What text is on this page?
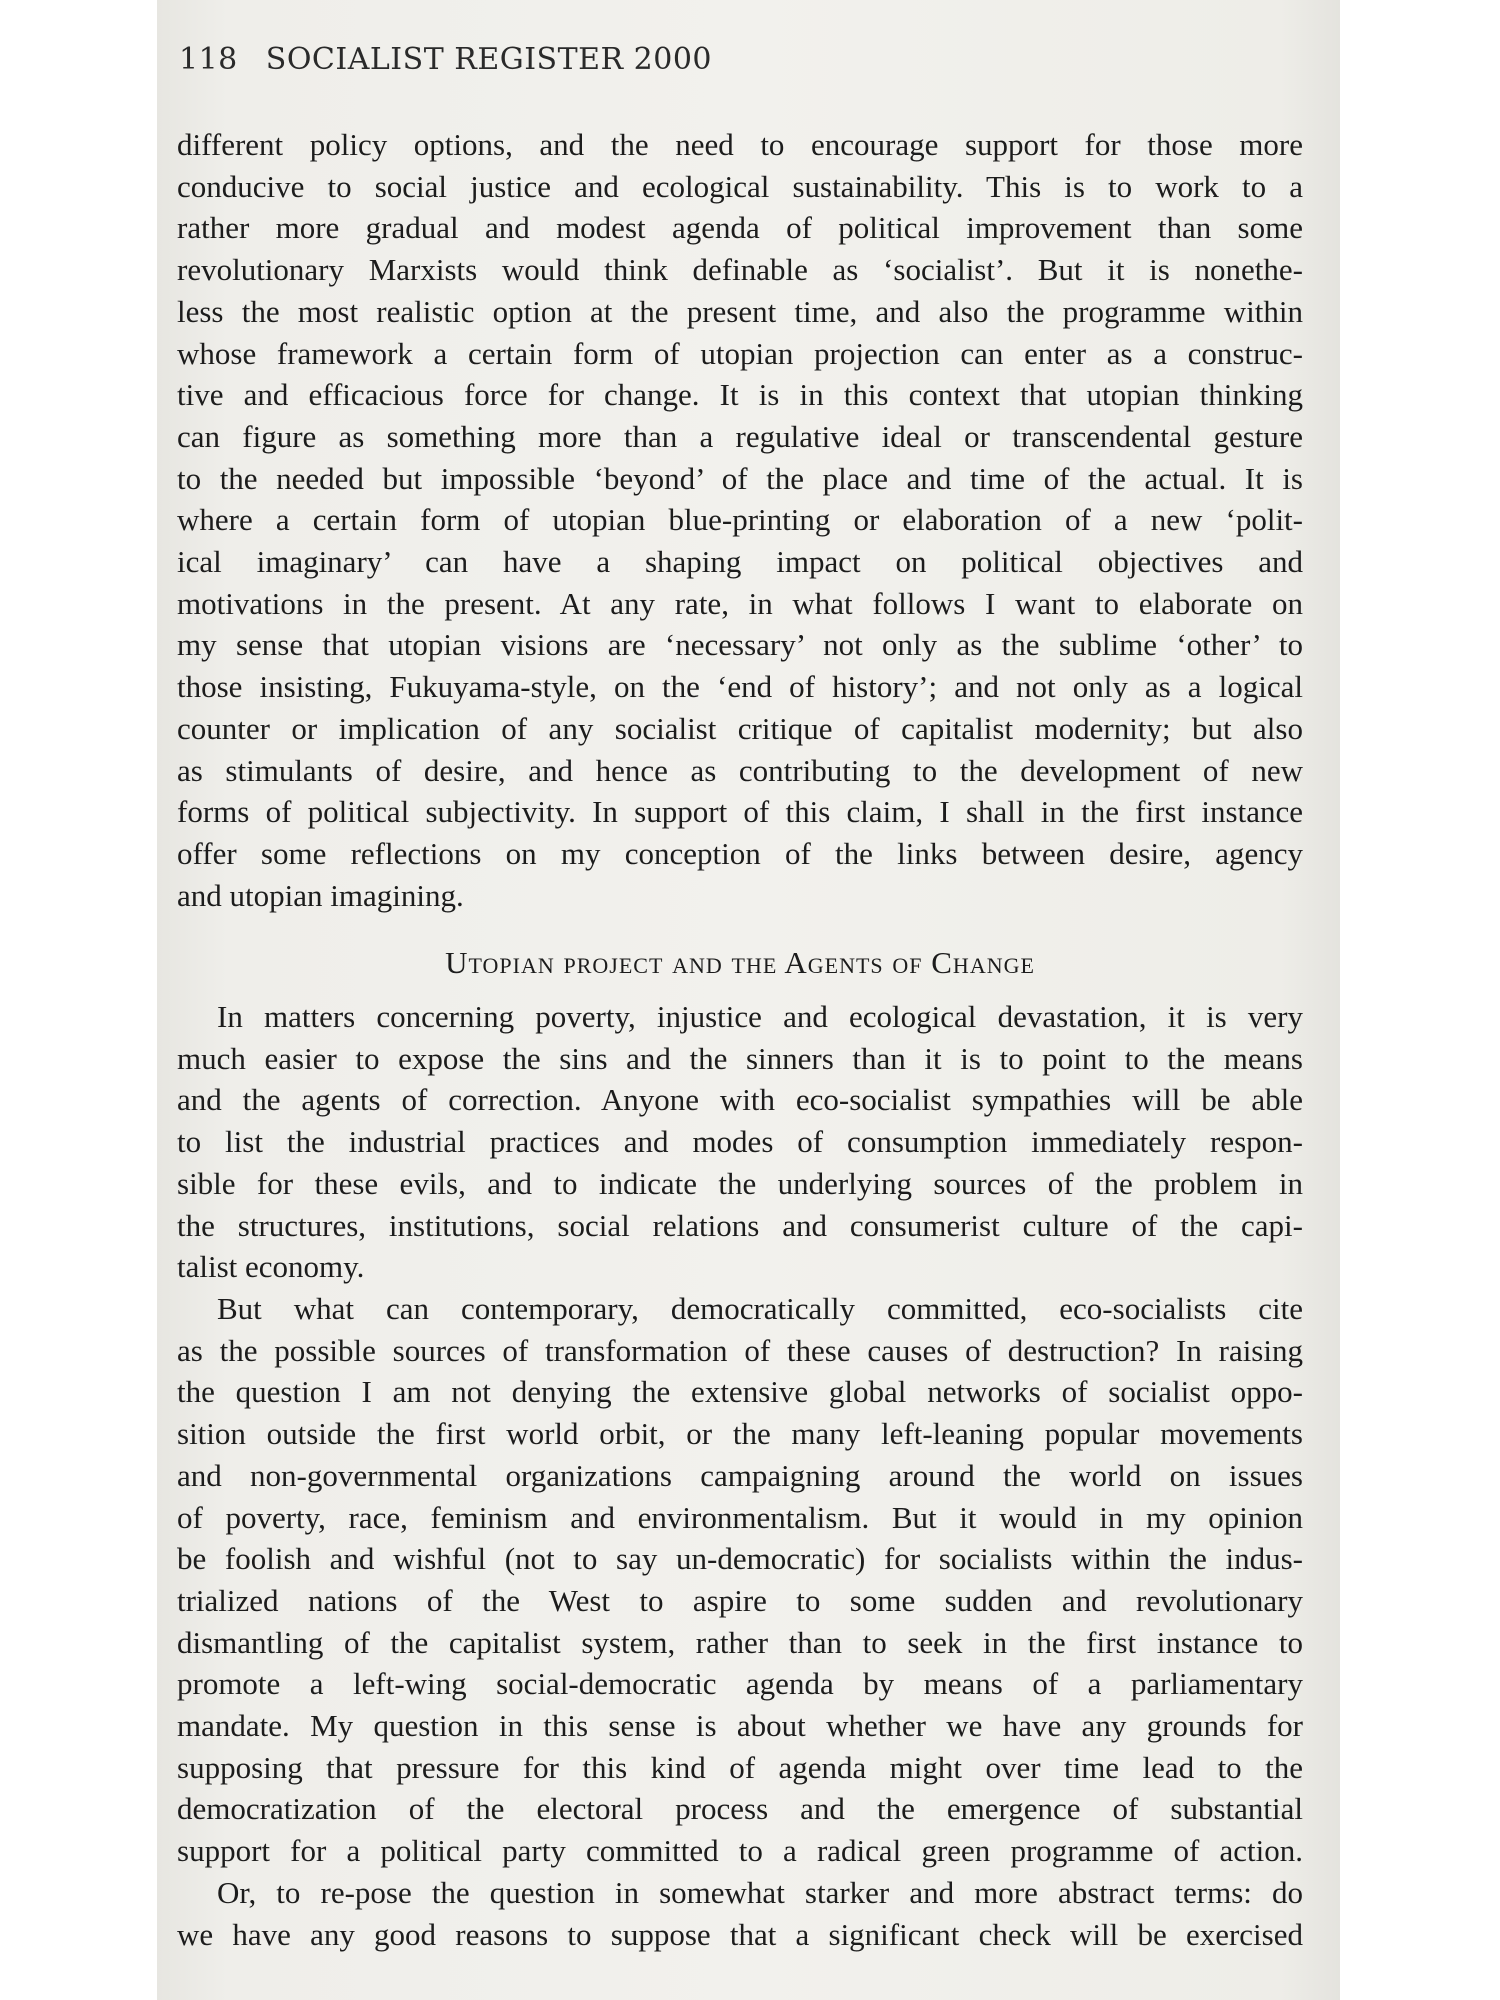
118 SOCIALIST REGISTER 2000

different policy options, and the need to encourage support for those more
conducive to social justice and ecological sustainability. This is to work to a
rather more gradual and modest agenda of political improvement than some
revolutionary Marxists would think definable as ‘socialist’. But it is nonethe-
less the most realistic option at the present time, and also the programme within
whose framework a certain form of utopian projection can enter as a construc-
tive and efficacious force for change. It is in this context that utopian thinking
can figure as something more than a regulative ideal or transcendental gesture
to the needed but impossible ‘beyond’ of the place and time of the actual. It is
where a certain form of utopian blue-printing or elaboration of a new ‘polit-
ical imaginary’ can have a shaping impact on political objectives and
motivations in the present. At any rate, in what follows I want to elaborate on
my sense that utopian visions are ‘necessary’ not only as the sublime ‘other’ to
those insisting, Fukuyama-style, on the ‘end of history’; and not only as a logical
counter or implication of any socialist critique of capitalist modernity; but also
as stimulants of desire, and hence as contributing to the development of new
forms of political subjectivity. In support of this claim, I shall in the first instance
offer some reflections on my conception of the links between desire, agency
and utopian imagining.

Utopian project and the Agents of Change

In matters concerning poverty, injustice and ecological devastation, it is very
much easier to expose the sins and the sinners than it is to point to the means
and the agents of correction. Anyone with eco-socialist sympathies will be able
to list the industrial practices and modes of consumption immediately respon-
sible for these evils, and to indicate the underlying sources of the problem in
the structures, institutions, social relations and consumerist culture of the capi-
talist economy.

But what can contemporary, democratically committed, eco-socialists cite
as the possible sources of transformation of these causes of destruction? In raising
the question I am not denying the extensive global networks of socialist oppo-
sition outside the first world orbit, or the many left-leaning popular movements
and non-governmental organizations campaigning around the world on issues
of poverty, race, feminism and environmentalism. But it would in my opinion
be foolish and wishful (not to say un-democratic) for socialists within the indus-
trialized nations of the West to aspire to some sudden and revolutionary
dismantling of the capitalist system, rather than to seek in the first instance to
promote a left-wing social-democratic agenda by means of a parliamentary
mandate. My question in this sense is about whether we have any grounds for
supposing that pressure for this kind of agenda might over time lead to the
democratization of the electoral process and the emergence of substantial
support for a political party committed to a radical green programme of action.

Or, to re-pose the question in somewhat starker and more abstract terms: do
we have any good reasons to suppose that a significant check will be exercised
